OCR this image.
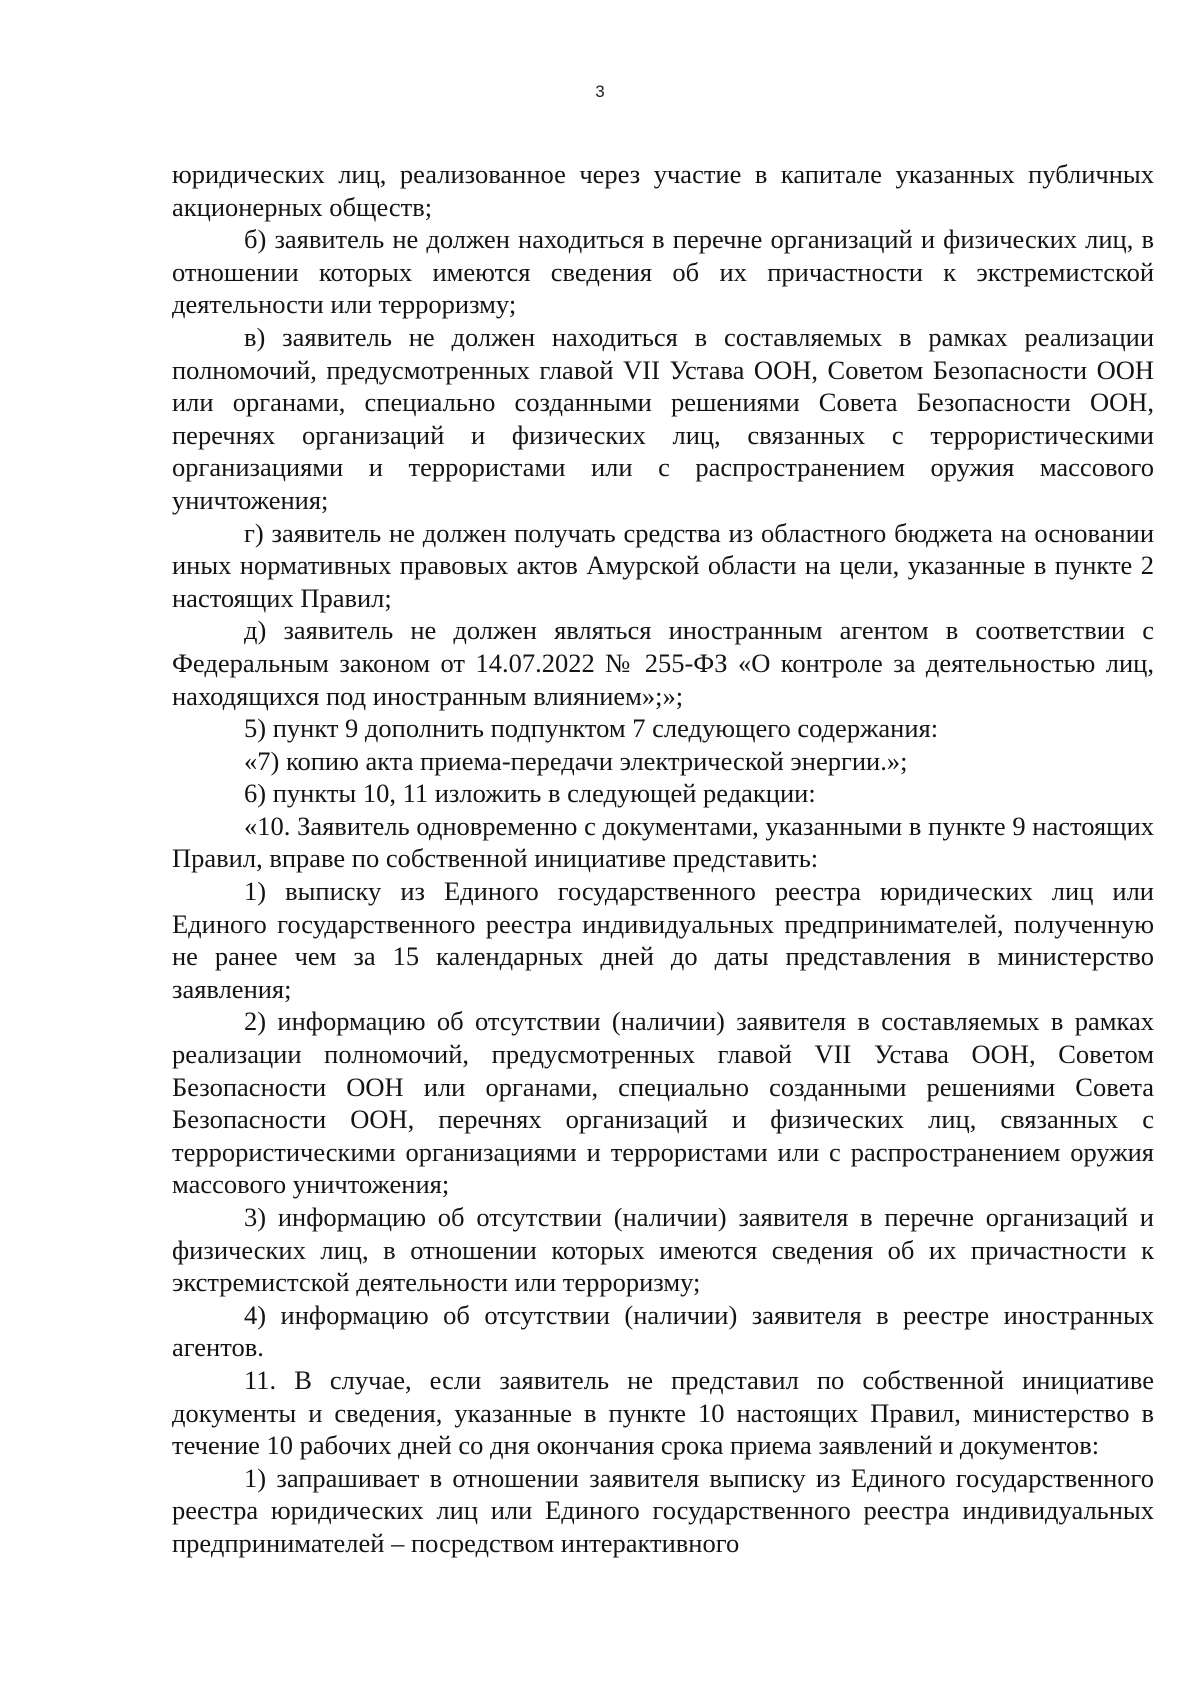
3

юридических лиц, реализованное через участие в капитале указанных публичных акционерных обществ;

б) заявитель не должен находиться в перечне организаций и физических лиц, в отношении которых имеются сведения об их причастности к экстремистской деятельности или терроризму;

в) заявитель не должен находиться в составляемых в рамках реализации полномочий, предусмотренных главой VII Устава ООН, Советом Безопасности ООН или органами, специально созданными решениями Совета Безопасности ООН, перечнях организаций и физических лиц, связанных с террористическими организациями и террористами или с распространением оружия массового уничтожения;

г) заявитель не должен получать средства из областного бюджета на основании иных нормативных правовых актов Амурской области на цели, указанные в пункте 2 настоящих Правил;

д) заявитель не должен являться иностранным агентом в соответствии с Федеральным законом от 14.07.2022 № 255-ФЗ «О контроле за деятельностью лиц, находящихся под иностранным влиянием»;»;

5) пункт 9 дополнить подпунктом 7 следующего содержания:

«7) копию акта приема-передачи электрической энергии.»;

6) пункты 10, 11 изложить в следующей редакции:

«10. Заявитель одновременно с документами, указанными в пункте 9 настоящих Правил, вправе по собственной инициативе представить:

1) выписку из Единого государственного реестра юридических лиц или Единого государственного реестра индивидуальных предпринимателей, полученную не ранее чем за 15 календарных дней до даты представления в министерство заявления;

2) информацию об отсутствии (наличии) заявителя в составляемых в рамках реализации полномочий, предусмотренных главой VII Устава ООН, Советом Безопасности ООН или органами, специально созданными решениями Совета Безопасности ООН, перечнях организаций и физических лиц, связанных с террористическими организациями и террористами или с распространением оружия массового уничтожения;

3) информацию об отсутствии (наличии) заявителя в перечне организаций и физических лиц, в отношении которых имеются сведения об их причастности к экстремистской деятельности или терроризму;

4) информацию об отсутствии (наличии) заявителя в реестре иностранных агентов.

11. В случае, если заявитель не представил по собственной инициативе документы и сведения, указанные в пункте 10 настоящих Правил, министерство в течение 10 рабочих дней со дня окончания срока приема заявлений и документов:

1) запрашивает в отношении заявителя выписку из Единого государственного реестра юридических лиц или Единого государственного реестра индивидуальных предпринимателей – посредством интерактивного
